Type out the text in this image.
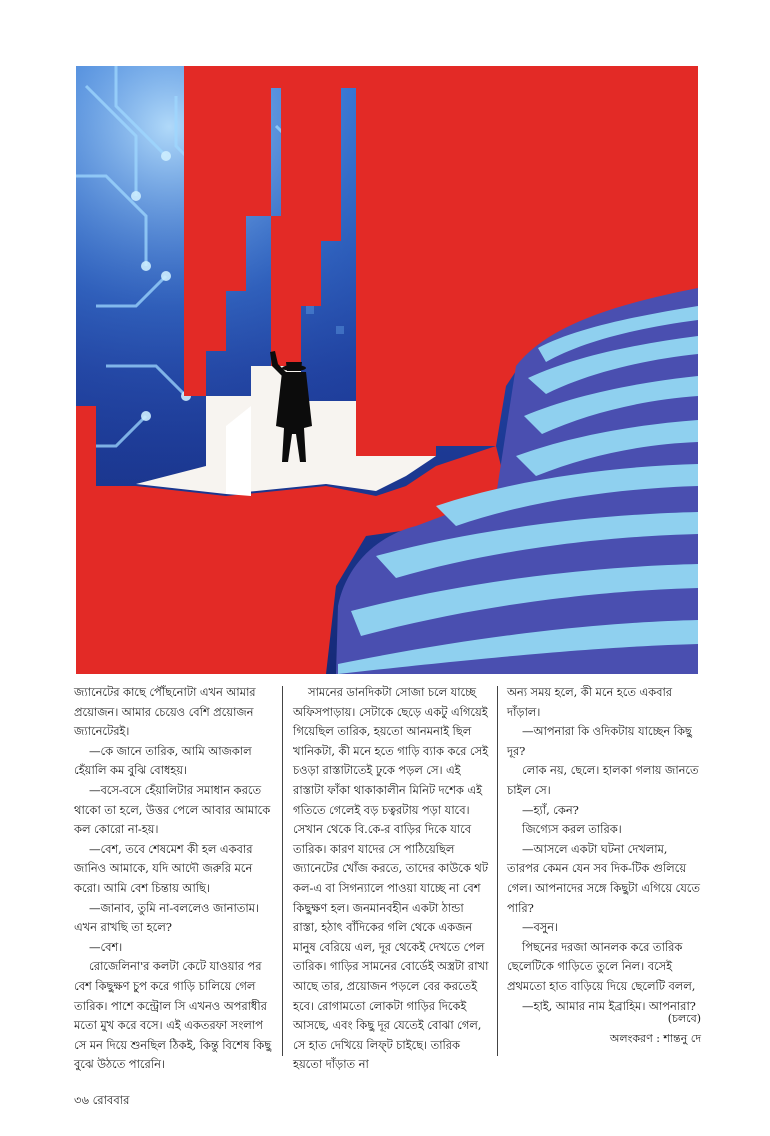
জ্যানেটের কাছে পৌঁছনোটা এখন আমার প্রয়োজন। আমার চেয়েও বেশি প্রয়োজন জ্যানেটেরই।

—কে জানে তারিক, আমি আজকাল হেঁয়ালি কম বুঝি বোধহয়।

—বসে-বসে হেঁয়ালিটার সমাধান করতে থাকো তা হলে, উত্তর পেলে আবার আমাকে কল কোরো না-হয়।

—বেশ, তবে শেষমেশ কী হল একবার জানিও আমাকে, যদি আদৌ জরুরি মনে করো। আমি বেশ চিন্তায় আছি।

—জানাব, তুমি না-বললেও জানাতাম। এখন রাখছি তা হলে?

—বেশ।

রোজেলিনা'র কলটা কেটে যাওয়ার পর বেশ কিছুক্ষণ চুপ করে গাড়ি চালিয়ে গেল তারিক। পাশে কন্ট্রোল সি এখনও অপরাধীর মতো মুখ করে বসে। এই একতরফা সংলাপ সে মন দিয়ে শুনছিল ঠিকই, কিন্তু বিশেষ কিছু বুঝে উঠতে পারেনি।

সামনের ডানদিকটা সোজা চলে যাচ্ছে অফিসপাড়ায়। সেটাকে ছেড়ে একটু এগিয়েই গিয়েছিল তারিক, হয়তো আনমনাই ছিল খানিকটা, কী মনে হতে গাড়ি ব্যাক করে সেই চওড়া রাস্তাটাতেই ঢুকে পড়ল সে। এই রাস্তাটা ফাঁকা থাকাকালীন মিনিট দশেক এই গতিতে গেলেই বড় চত্বরটায় পড়া যাবে। সেখান থেকে বি.কে-র বাড়ির দিকে যাবে তারিক। কারণ যাদের সে পাঠিয়েছিল জ্যানেটের খোঁজ করতে, তাদের কাউকে থট কল-এ বা সিগন্যালে পাওয়া যাচ্ছে না বেশ কিছুক্ষণ হল। জনমানবহীন একটা ঠান্ডা রাস্তা, হঠাৎ বাঁদিকের গলি থেকে একজন মানুষ বেরিয়ে এল, দূর থেকেই দেখতে পেল তারিক। গাড়ির সামনের বোর্ডেই অস্ত্রটা রাখা আছে তার, প্রয়োজন পড়লে বের করতেই হবে। রোগামতো লোকটা গাড়ির দিকেই আসছে, এবং কিছু দূর যেতেই বোঝা গেল, সে হাত দেখিয়ে লিফ্‌ট চাইছে। তারিক হয়তো দাঁড়াত না

অন্য সময় হলে, কী মনে হতে একবার দাঁড়াল।

—আপনারা কি ওদিকটায় যাচ্ছেন কিছু দূর?

লোক নয়, ছেলে। হালকা গলায় জানতে চাইল সে।

—হ্যাঁ, কেন?

জিগ্যেস করল তারিক।

—আসলে একটা ঘটনা দেখলাম, তারপর কেমন যেন সব দিক-টিক গুলিয়ে গেল। আপনাদের সঙ্গে কিছুটা এগিয়ে যেতে পারি?

—বসুন।

পিছনের দরজা আনলক করে তারিক ছেলেটিকে গাড়িতে তুলে নিল। বসেই প্রথমতো হাত বাড়িয়ে দিয়ে ছেলেটি বলল,

—হাই, আমার নাম ইব্রাহিম। আপনারা?

(চলবে)
অলংকরণ : শান্তনু দে
৩৬ রোববার
